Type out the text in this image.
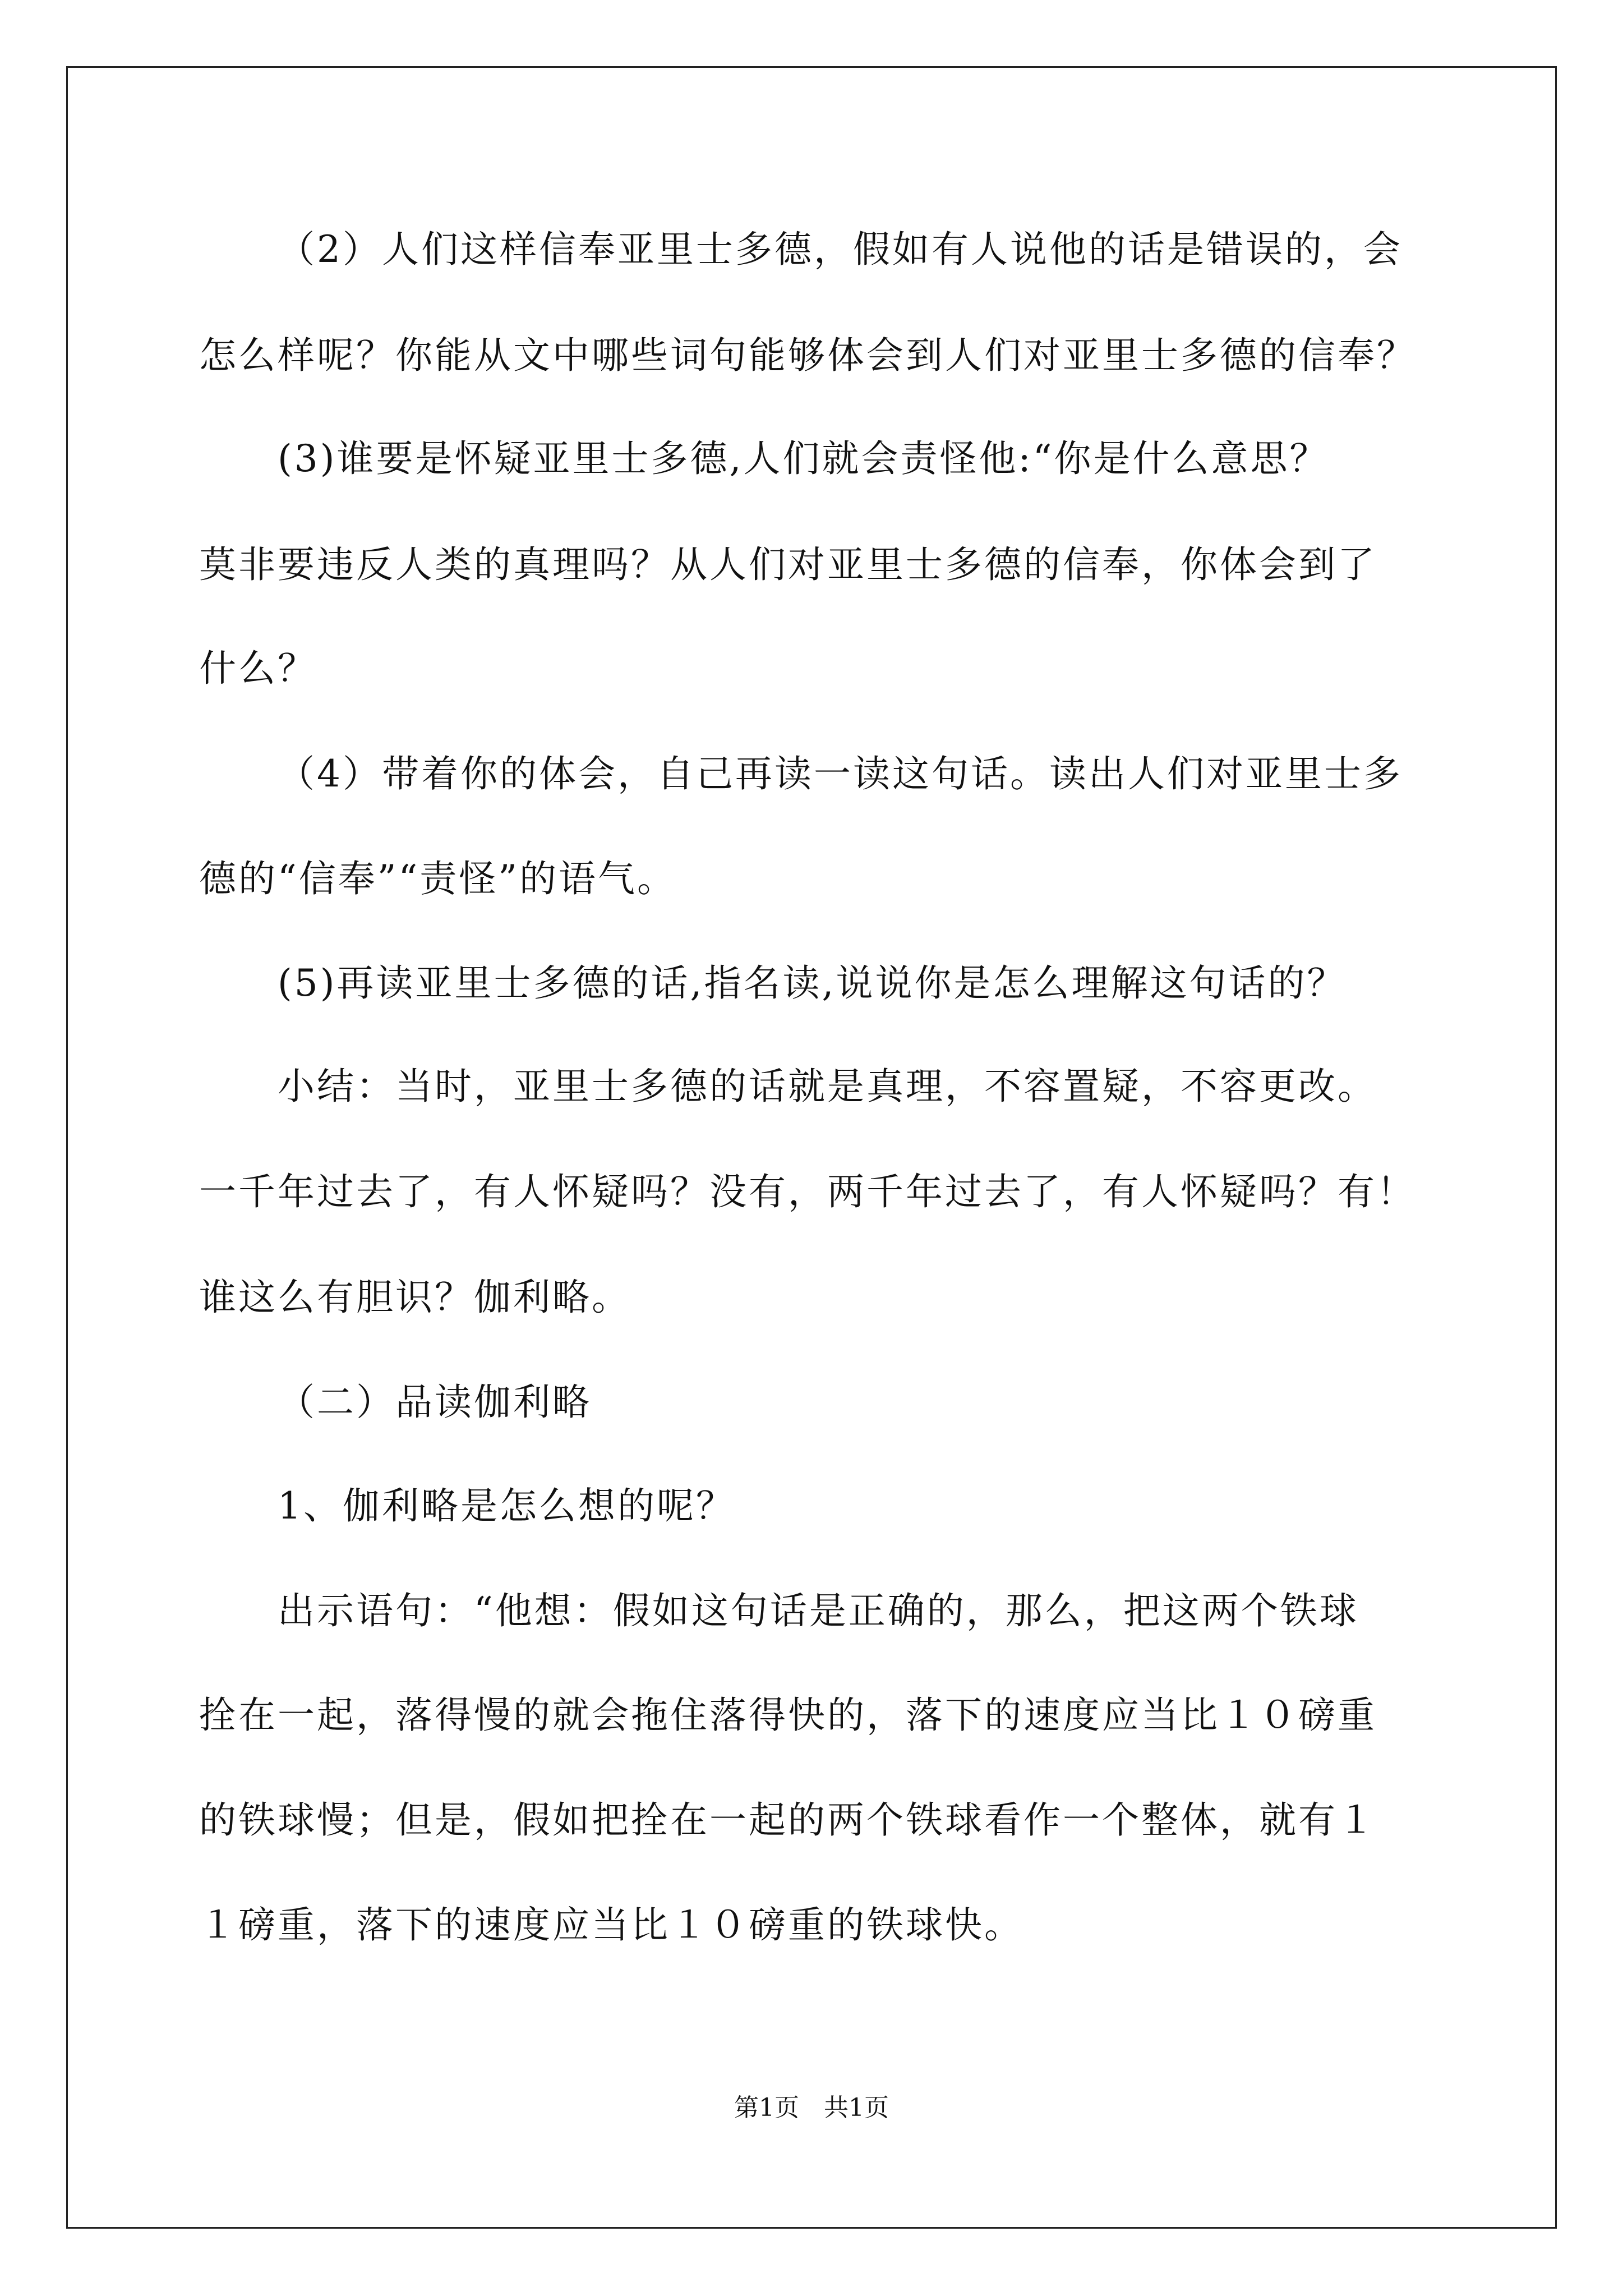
（2）人们这样信奉亚里士多德，假如有人说他的话是错误的，会
怎么样呢？你能从文中哪些词句能够体会到人们对亚里士多德的信奉？
(3)谁要是怀疑亚里士多德,人们就会责怪他:“你是什么意思？
莫非要违反人类的真理吗？从人们对亚里士多德的信奉，你体会到了
什么？
（4）带着你的体会，自己再读一读这句话。读出人们对亚里士多
德的“信奉”“责怪”的语气。
(5)再读亚里士多德的话,指名读,说说你是怎么理解这句话的？
小结：当时，亚里士多德的话就是真理，不容置疑，不容更改。
一千年过去了，有人怀疑吗？没有，两千年过去了，有人怀疑吗？有！
谁这么有胆识？伽利略。
（二）品读伽利略
1、伽利略是怎么想的呢？
出示语句：“他想：假如这句话是正确的，那么，把这两个铁球
拴在一起，落得慢的就会拖住落得快的，落下的速度应当比１０磅重
的铁球慢；但是，假如把拴在一起的两个铁球看作一个整体，就有１
１磅重，落下的速度应当比１０磅重的铁球快。
第1页　共1页
